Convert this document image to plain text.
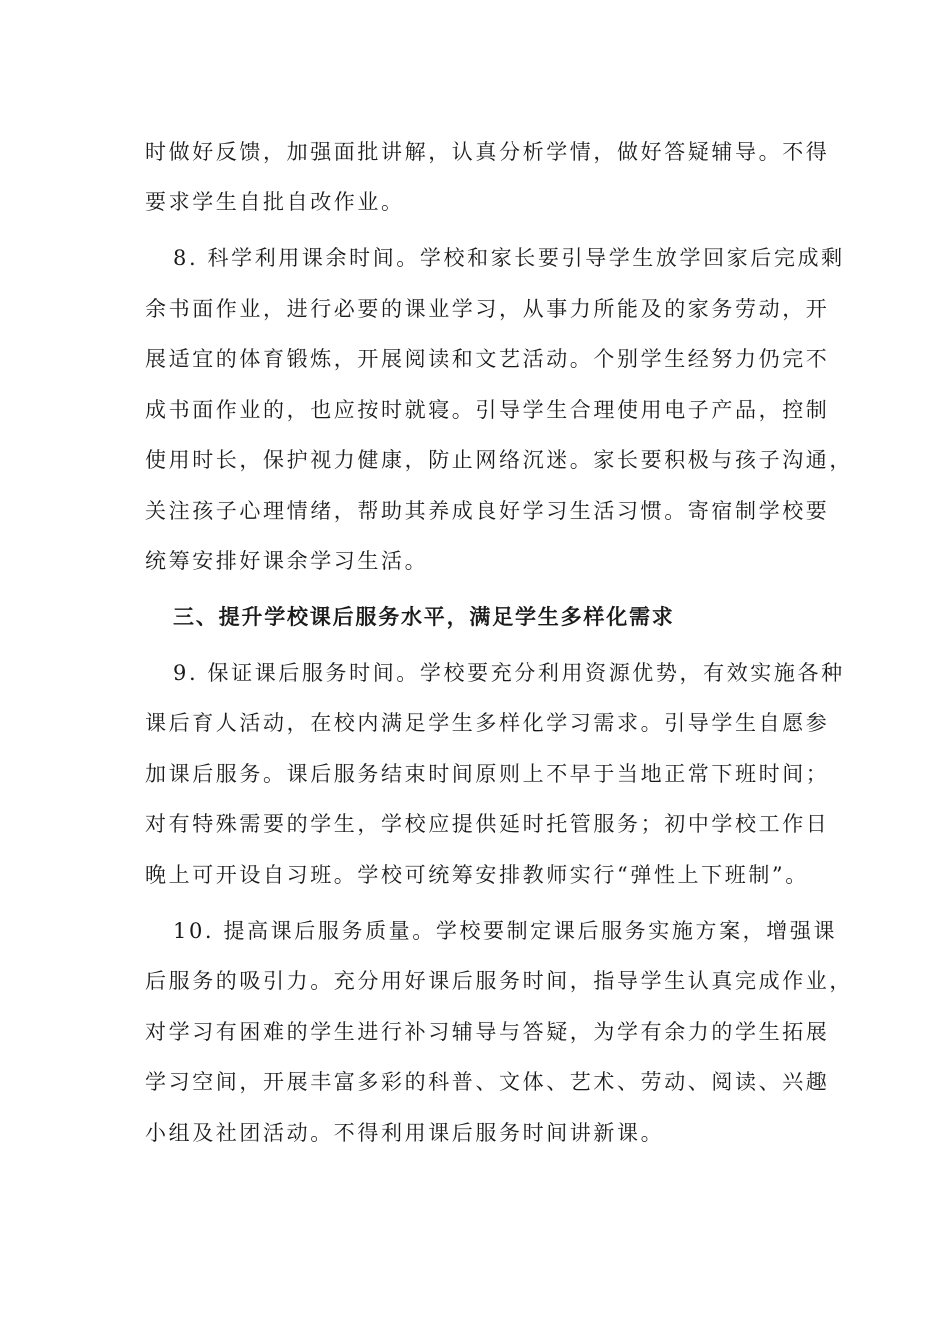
时做好反馈，加强面批讲解，认真分析学情，做好答疑辅导。不得
要求学生自批自改作业。
8. 科学利用课余时间。学校和家长要引导学生放学回家后完成剩
余书面作业，进行必要的课业学习，从事力所能及的家务劳动，开
展适宜的体育锻炼，开展阅读和文艺活动。个别学生经努力仍完不
成书面作业的，也应按时就寝。引导学生合理使用电子产品，控制
使用时长，保护视力健康，防止网络沉迷。家长要积极与孩子沟通，
关注孩子心理情绪，帮助其养成良好学习生活习惯。寄宿制学校要
统筹安排好课余学习生活。
三、提升学校课后服务水平，满足学生多样化需求
9. 保证课后服务时间。学校要充分利用资源优势，有效实施各种
课后育人活动，在校内满足学生多样化学习需求。引导学生自愿参
加课后服务。课后服务结束时间原则上不早于当地正常下班时间；
对有特殊需要的学生，学校应提供延时托管服务；初中学校工作日
晚上可开设自习班。学校可统筹安排教师实行“弹性上下班制”。
10. 提高课后服务质量。学校要制定课后服务实施方案，增强课
后服务的吸引力。充分用好课后服务时间，指导学生认真完成作业，
对学习有困难的学生进行补习辅导与答疑，为学有余力的学生拓展
学习空间，开展丰富多彩的科普、文体、艺术、劳动、阅读、兴趣
小组及社团活动。不得利用课后服务时间讲新课。
